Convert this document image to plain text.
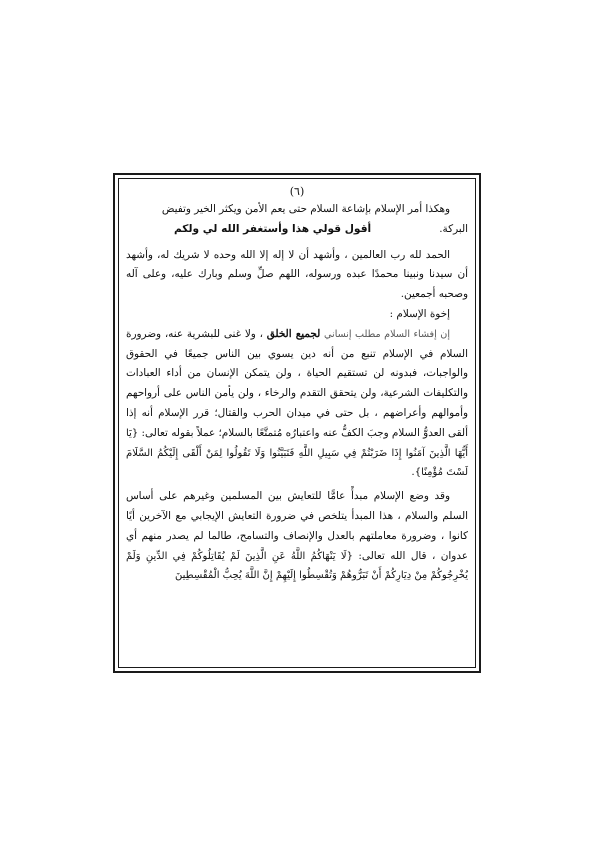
(٦)

وهكذا أمر الإسلام بإشاعة السلام حتى يعم الأمن ويكثر الخير وتفيض

البركة.
أقول قولي هذا وأستغفر الله لي ولكم

الحمد لله رب العالمين ، وأشهد أن لا إله إلا الله وحده لا شريك له، وأشهد أن سيدنا ونبينا محمدًا عبده ورسوله، اللهم صلِّ وسلم وبارك عليه، وعلى آله وصحبه أجمعين.

إخوة الإسلام :

إن إفشاء السلام مطلب إنساني لجميع الخلق ، ولا غنى للبشرية عنه، وضرورة السلام في الإسلام تنبع من أنه دين يسوي بين الناس جميعًا في الحقوق والواجبات، فبدونه لن تستقيم الحياة ، ولن يتمكن الإنسان من أداء العبادات والتكليفات الشرعية، ولن يتحقق التقدم والرخاء ، ولن يأمن الناس على أرواحهم وأموالهم وأعراضهم ، بل حتى في ميدان الحرب والقتال؛ قرر الإسلام أنه إذا ألقى العدوُّ السلام وجبَ الكفُّ عنه واعتبارُه مُتمتَّعًا بالسلام؛ عملاً بقوله تعالى: {يَا أَيُّهَا الَّذِينَ آمَنُوا إِذَا ضَرَبْتُمْ فِي سَبِيلِ اللَّهِ فَتَبَيَّنُوا وَلَا تَقُولُوا لِمَنْ أَلْقَى إِلَيْكُمُ السَّلَامَ لَسْتَ مُؤْمِنًا}.

وقد وضع الإسلام مبدأً عامًّا للتعايش بين المسلمين وغيرهم على أساس السلم والسلام ، هذا المبدأ يتلخص في ضرورة التعايش الإيجابي مع الآخرين أيًا كانوا ، وضرورة معاملتهم بالعدل والإنصاف والتسامح، طالما لم يصدر منهم أي عدوان ، قال الله تعالى: {لَا يَنْهَاكُمُ اللَّهُ عَنِ الَّذِينَ لَمْ يُقَاتِلُوكُمْ فِي الدِّينِ وَلَمْ يُخْرِجُوكُمْ مِنْ دِيَارِكُمْ أَنْ تَبَرُّوهُمْ وَتُقْسِطُوا إِلَيْهِمْ إِنَّ اللَّهَ يُحِبُّ الْمُقْسِطِينَ
